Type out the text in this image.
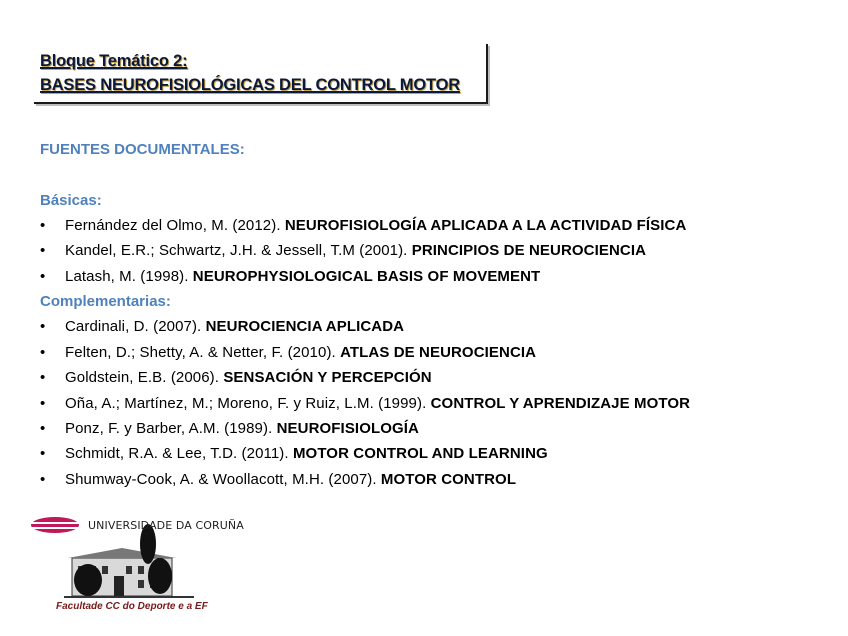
Bloque Temático 2:
BASES NEUROFISIOLÓGICAS DEL CONTROL MOTOR
FUENTES DOCUMENTALES:
Básicas:
• Fernández del Olmo, M. (2012). NEUROFISIOLOGÍA APLICADA A LA ACTIVIDAD FÍSICA
• Kandel, E.R.; Schwartz, J.H. & Jessell, T.M (2001). PRINCIPIOS DE NEUROCIENCIA
• Latash, M. (1998). NEUROPHYSIOLOGICAL BASIS OF MOVEMENT
Complementarias:
• Cardinali, D. (2007). NEUROCIENCIA APLICADA
• Felten, D.; Shetty, A. & Netter, F. (2010). ATLAS DE NEUROCIENCIA
• Goldstein, E.B. (2006). SENSACIÓN Y PERCEPCIÓN
• Oña, A.; Martínez, M.; Moreno, F. y Ruiz, L.M. (1999). CONTROL Y APRENDIZAJE MOTOR
• Ponz, F. y Barber, A.M. (1989). NEUROFISIOLOGÍA
• Schmidt, R.A. & Lee, T.D. (2011). MOTOR CONTROL AND LEARNING
• Shumway-Cook, A. & Woollacott, M.H. (2007). MOTOR CONTROL
UNIVERSIDADE DA CORUÑA
Facultade CC do Deporte e a EF
